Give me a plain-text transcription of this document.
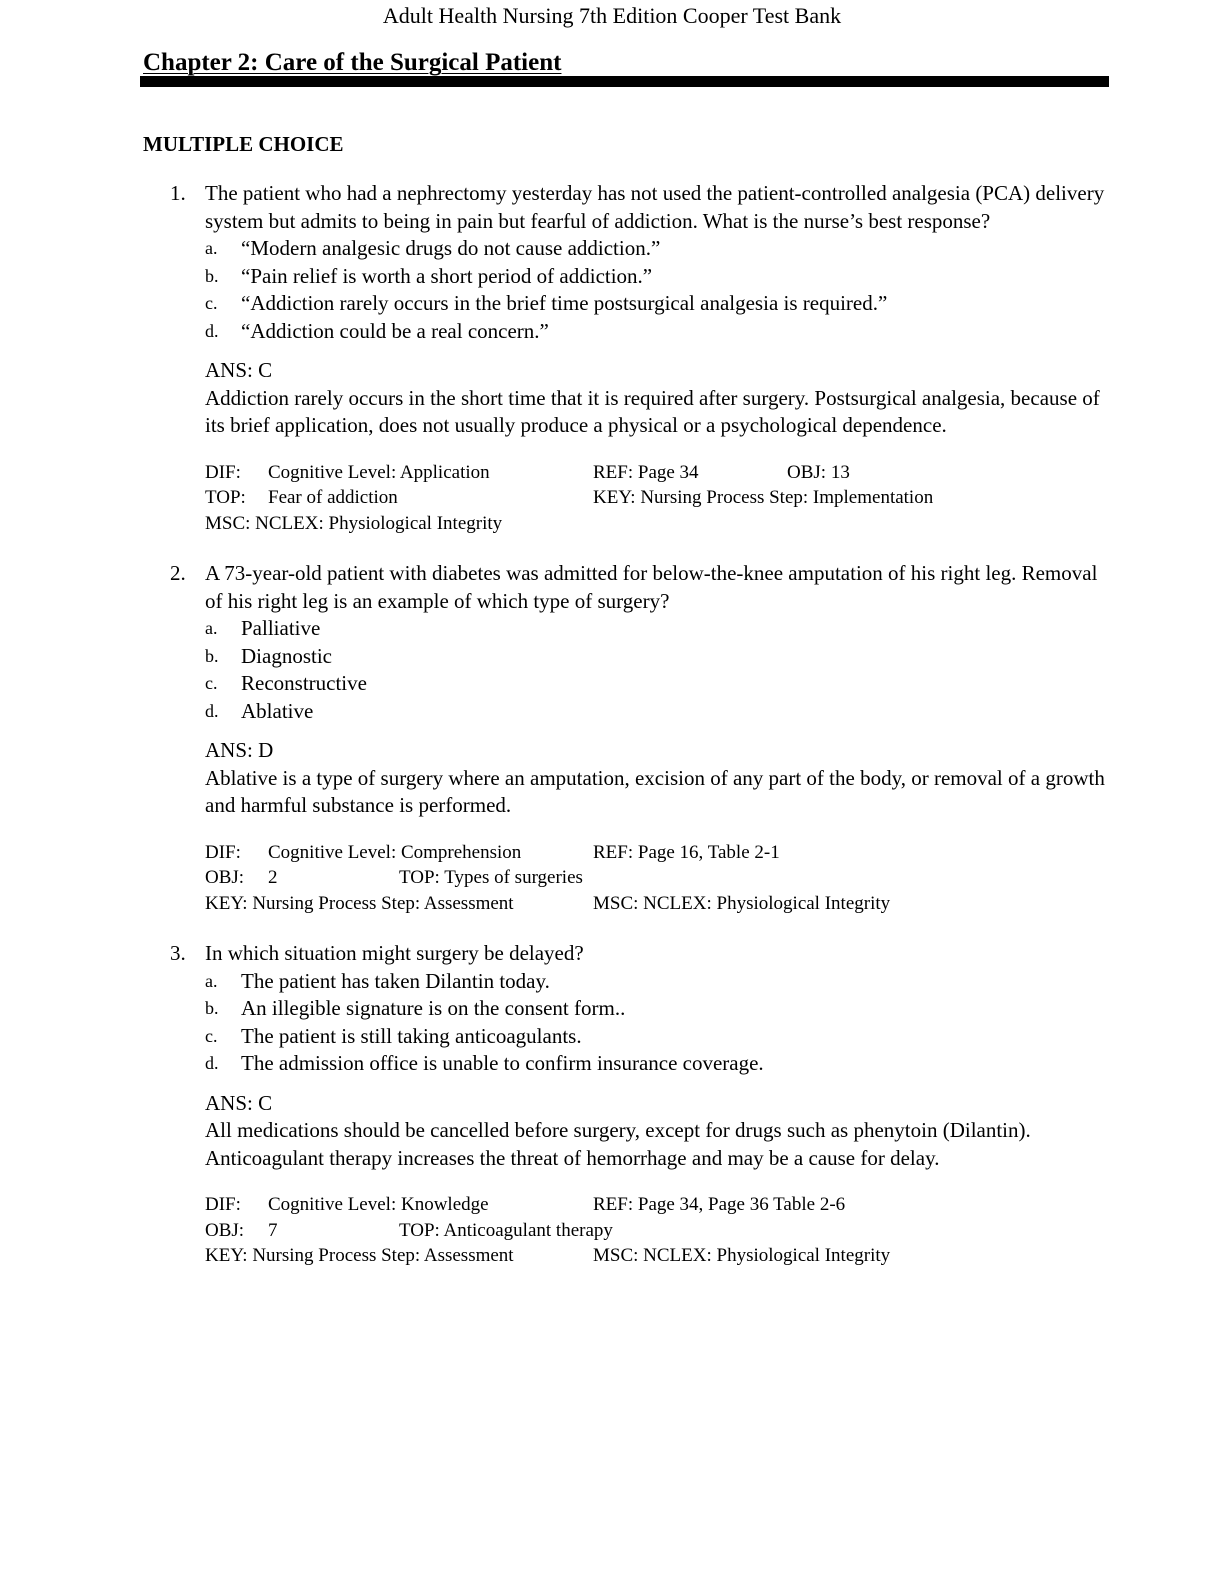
Adult Health Nursing 7th Edition Cooper Test Bank
Chapter 2: Care of the Surgical Patient
MULTIPLE CHOICE
1. The patient who had a nephrectomy yesterday has not used the patient-controlled analgesia (PCA) delivery system but admits to being in pain but fearful of addiction. What is the nurse’s best response?

a. “Modern analgesic drugs do not cause addiction.”
b. “Pain relief is worth a short period of addiction.”
c. “Addiction rarely occurs in the brief time postsurgical analgesia is required.”
d. “Addiction could be a real concern.”

ANS: C

Addiction rarely occurs in the short time that it is required after surgery. Postsurgical analgesia, because of its brief application, does not usually produce a physical or a psychological dependence.

DIF: Cognitive Level: Application	REF: Page 34	OBJ: 13
TOP: Fear of addiction	KEY: Nursing Process Step: Implementation
MSC: NCLEX: Physiological Integrity
2. A 73-year-old patient with diabetes was admitted for below-the-knee amputation of his right leg. Removal of his right leg is an example of which type of surgery?

a. Palliative
b. Diagnostic
c. Reconstructive
d. Ablative

ANS: D

Ablative is a type of surgery where an amputation, excision of any part of the body, or removal of a growth and harmful substance is performed.

DIF: Cognitive Level: Comprehension	REF: Page 16, Table 2-1
OBJ: 2	TOP: Types of surgeries
KEY: Nursing Process Step: Assessment	MSC: NCLEX: Physiological Integrity
3. In which situation might surgery be delayed?

a. The patient has taken Dilantin today.
b. An illegible signature is on the consent form..
c. The patient is still taking anticoagulants.
d. The admission office is unable to confirm insurance coverage.

ANS: C

All medications should be cancelled before surgery, except for drugs such as phenytoin (Dilantin). Anticoagulant therapy increases the threat of hemorrhage and may be a cause for delay.

DIF: Cognitive Level: Knowledge	REF: Page 34, Page 36 Table 2-6
OBJ: 7	TOP: Anticoagulant therapy
KEY: Nursing Process Step: Assessment	MSC: NCLEX: Physiological Integrity
